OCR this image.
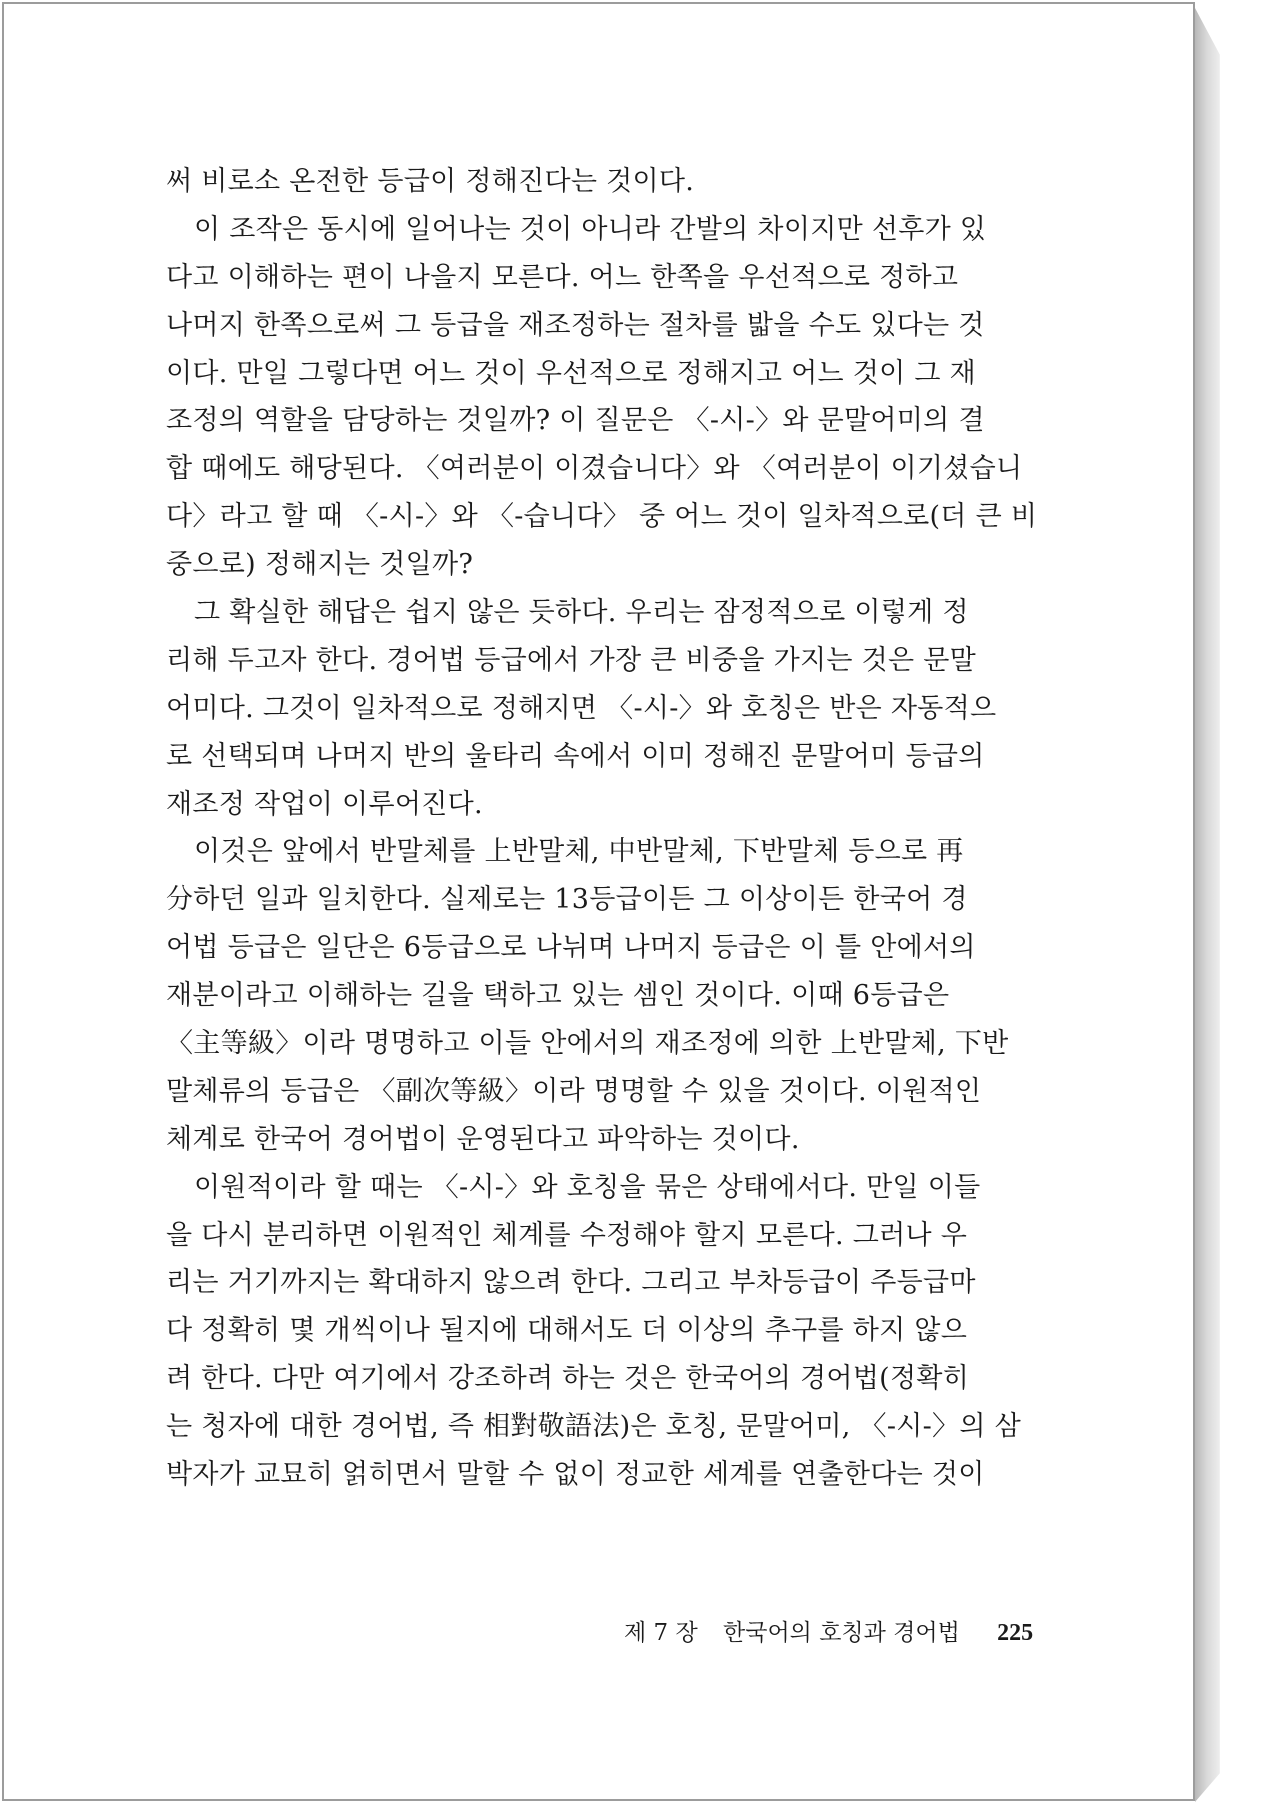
써 비로소 온전한 등급이 정해진다는 것이다.
이 조작은 동시에 일어나는 것이 아니라 간발의 차이지만 선후가 있
다고 이해하는 편이 나을지 모른다. 어느 한쪽을 우선적으로 정하고
나머지 한쪽으로써 그 등급을 재조정하는 절차를 밟을 수도 있다는 것
이다. 만일 그렇다면 어느 것이 우선적으로 정해지고 어느 것이 그 재
조정의 역할을 담당하는 것일까? 이 질문은 〈-시-〉와 문말어미의 결
합 때에도 해당된다. 〈여러분이 이겼습니다〉와 〈여러분이 이기셨습니
다〉라고 할 때 〈-시-〉와 〈-습니다〉 중 어느 것이 일차적으로(더 큰 비
중으로) 정해지는 것일까?
그 확실한 해답은 쉽지 않은 듯하다. 우리는 잠정적으로 이렇게 정
리해 두고자 한다. 경어법 등급에서 가장 큰 비중을 가지는 것은 문말
어미다. 그것이 일차적으로 정해지면 〈-시-〉와 호칭은 반은 자동적으
로 선택되며 나머지 반의 울타리 속에서 이미 정해진 문말어미 등급의
재조정 작업이 이루어진다.
이것은 앞에서 반말체를 上반말체, 中반말체, 下반말체 등으로 再
分하던 일과 일치한다. 실제로는 13등급이든 그 이상이든 한국어 경
어법 등급은 일단은 6등급으로 나뉘며 나머지 등급은 이 틀 안에서의
재분이라고 이해하는 길을 택하고 있는 셈인 것이다. 이때 6등급은
〈主等級〉이라 명명하고 이들 안에서의 재조정에 의한 上반말체, 下반
말체류의 등급은 〈副次等級〉이라 명명할 수 있을 것이다. 이원적인
체계로 한국어 경어법이 운영된다고 파악하는 것이다.
이원적이라 할 때는 〈-시-〉와 호칭을 묶은 상태에서다. 만일 이들
을 다시 분리하면 이원적인 체계를 수정해야 할지 모른다. 그러나 우
리는 거기까지는 확대하지 않으려 한다. 그리고 부차등급이 주등급마
다 정확히 몇 개씩이나 될지에 대해서도 더 이상의 추구를 하지 않으
려 한다. 다만 여기에서 강조하려 하는 것은 한국어의 경어법(정확히
는 청자에 대한 경어법, 즉 相對敬語法)은 호칭, 문말어미, 〈-시-〉의 삼
박자가 교묘히 얽히면서 말할 수 없이 정교한 세계를 연출한다는 것이
제 7 장 한국어의 호칭과 경어법 225
